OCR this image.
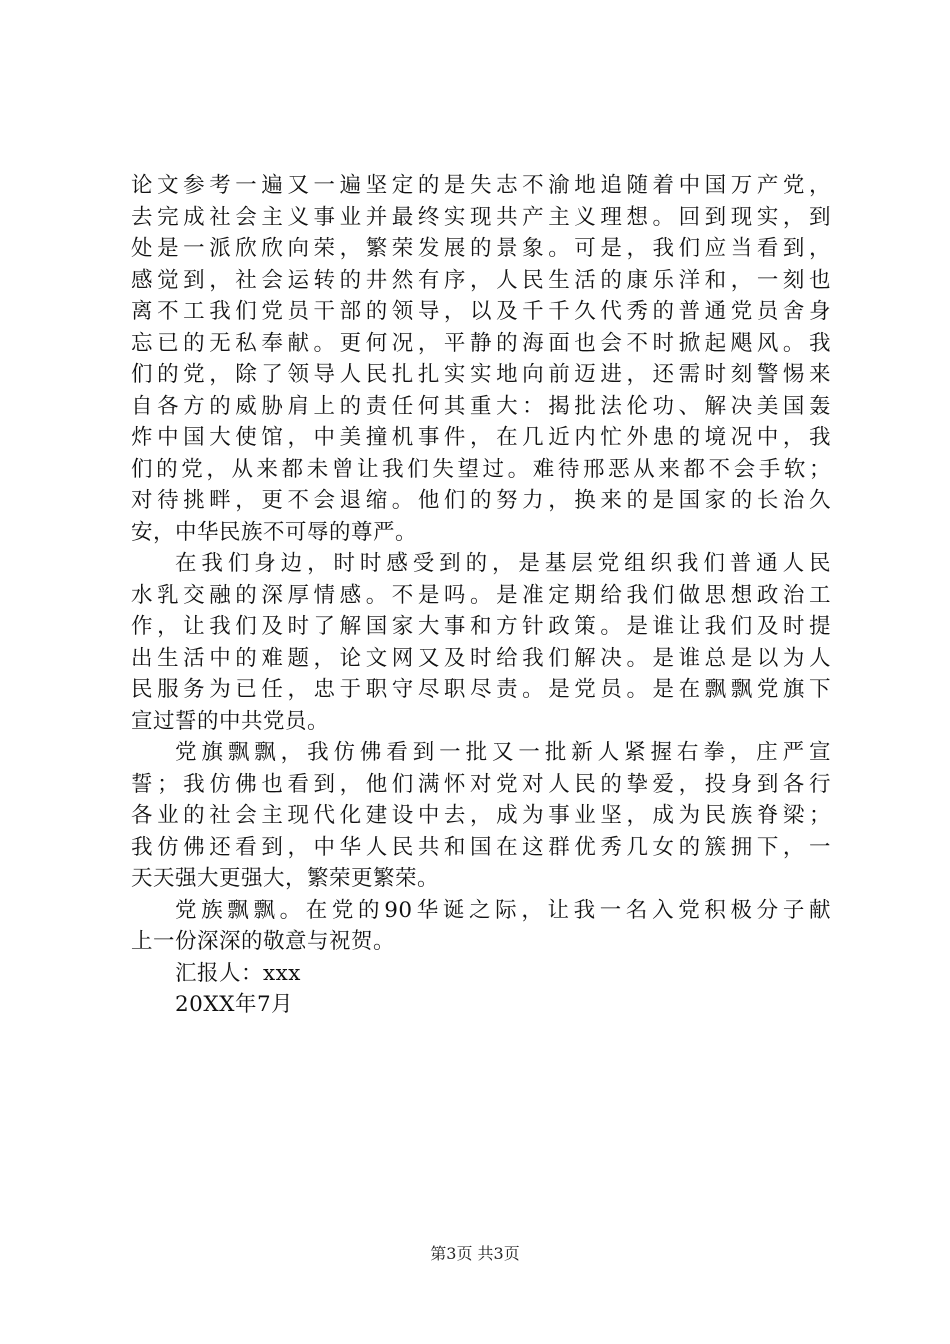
论文参考一遍又一遍坚定的是失志不渝地追随着中国万产党，
去完成社会主义事业并最终实现共产主义理想。回到现实，到
处是一派欣欣向荣，繁荣发展的景象。可是，我们应当看到，
感觉到，社会运转的井然有序，人民生活的康乐洋和，一刻也
离不工我们党员干部的领导，以及千千久代秀的普通党员舍身
忘已的无私奉献。更何况，平静的海面也会不时掀起飓风。我
们的党，除了领导人民扎扎实实地向前迈进，还需时刻警惕来
自各方的威胁肩上的责任何其重大：揭批法伦功、解决美国轰
炸中国大使馆，中美撞机事件，在几近内忙外患的境况中，我
们的党，从来都未曾让我们失望过。难待邢恶从来都不会手软；
对待挑畔，更不会退缩。他们的努力，换来的是国家的长治久
安，中华民族不可辱的尊严。
在我们身边，时时感受到的，是基层党组织我们普通人民
水乳交融的深厚情感。不是吗。是准定期给我们做思想政治工
作，让我们及时了解国家大事和方针政策。是谁让我们及时提
出生活中的难题，论文网又及时给我们解决。是谁总是以为人
民服务为已任，忠于职守尽职尽责。是党员。是在飘飘党旗下
宣过誓的中共党员。
党旗飘飘，我仿佛看到一批又一批新人紧握右拳，庄严宣
誓；我仿佛也看到，他们满怀对党对人民的挚爱，投身到各行
各业的社会主现代化建设中去，成为事业坚，成为民族脊梁；
我仿佛还看到，中华人民共和国在这群优秀几女的簇拥下，一
天天强大更强大，繁荣更繁荣。
党族飘飘。在党的90华诞之际，让我一名入党积极分子献
上一份深深的敬意与祝贺。
汇报人：xxx
20XX年7月
第3页 共3页
